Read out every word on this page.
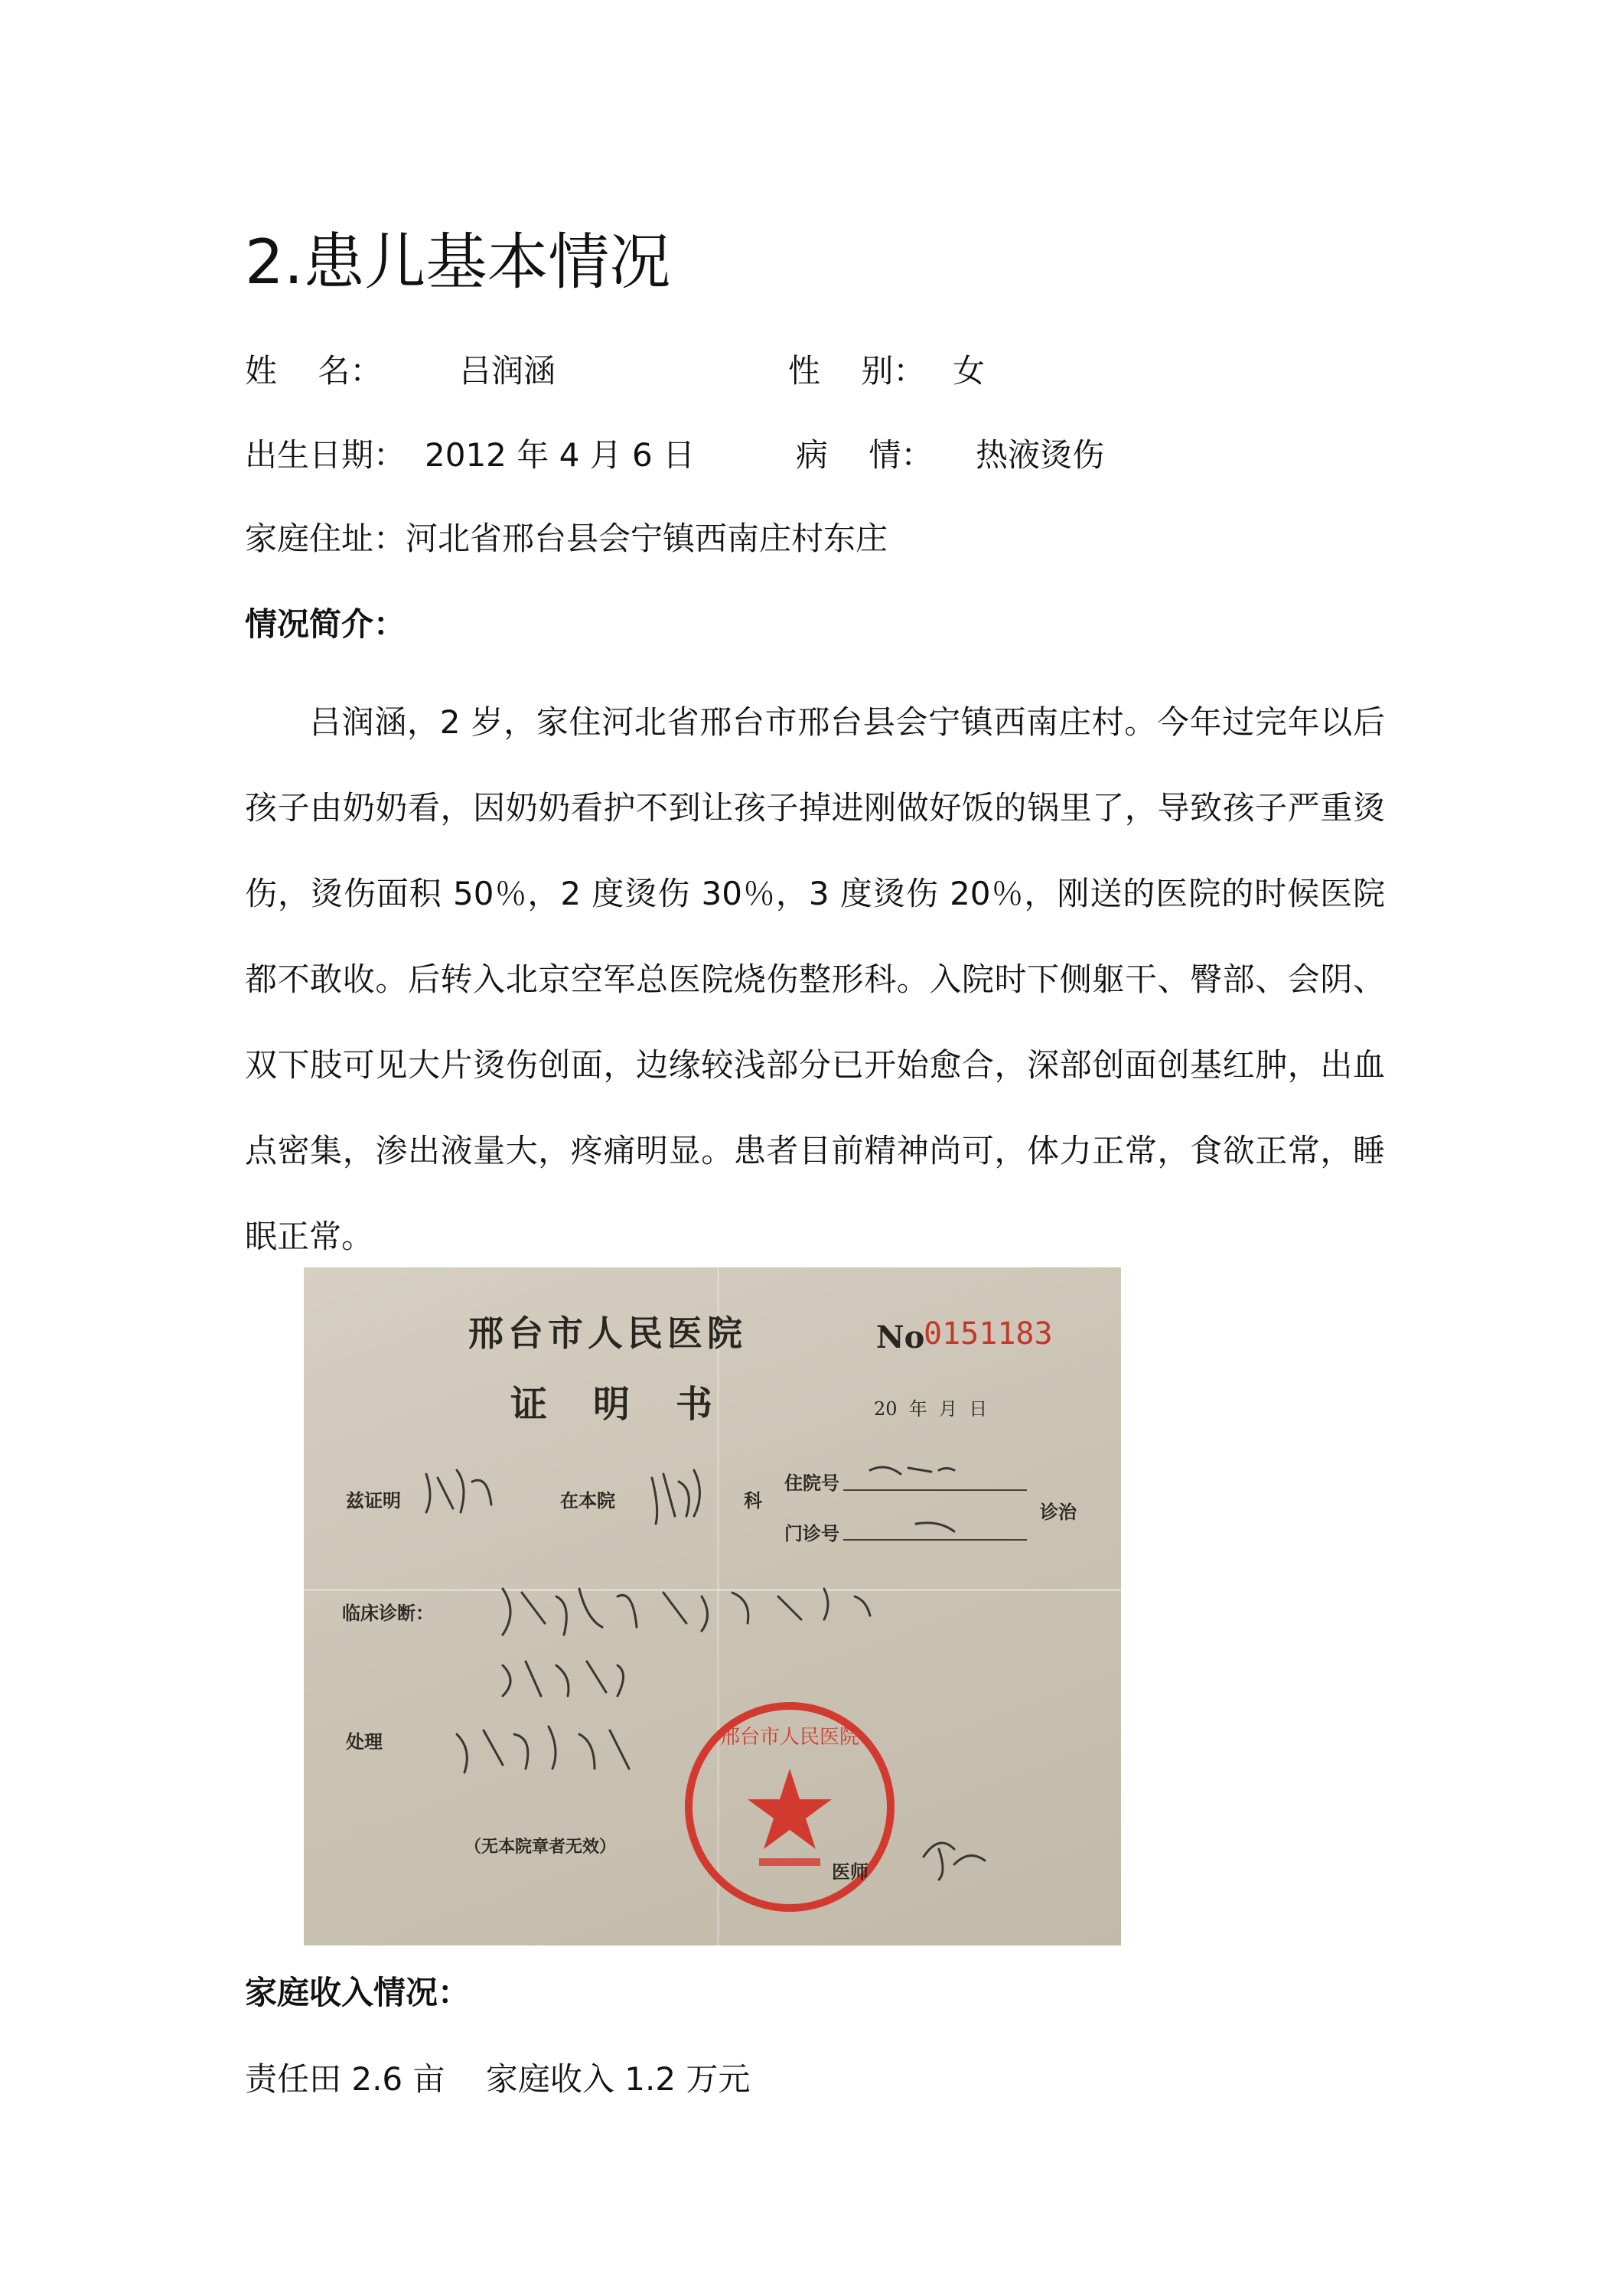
2.患儿基本情况
姓    名： 吕润涵	性    别： 女
出生日期： 2012 年 4 月 6 日	病    情： 热液烫伤
家庭住址： 河北省邢台县会宁镇西南庄村东庄
情况简介：

吕润涵，2 岁，家住河北省邢台市邢台县会宁镇西南庄村。今年过完年以后孩子由奶奶看，因奶奶看护不到让孩子掉进刚做好饭的锅里了，导致孩子严重烫伤，烫伤面积 50％，2 度烫伤 30％，3 度烫伤 20％，刚送的医院的时候医院都不敢收。后转入北京空军总医院烧伤整形科。入院时下侧躯干、臀部、会阴、双下肢可见大片烫伤创面，边缘较浅部分已开始愈合，深部创面创基红肿，出血点密集，渗出液量大，疼痛明显。患者目前精神尚可，体力正常，食欲正常，睡眠正常。

邢台市人民医院
证明书
No
0151183
20  年  月  日
兹证明	在本院	科
住院号
门诊号
诊治
临床诊断：
处理	邢台市人民医院
（无本院章者无效）
医师
家庭收入情况：
责任田 2.6 亩    家庭收入 1.2 万元
